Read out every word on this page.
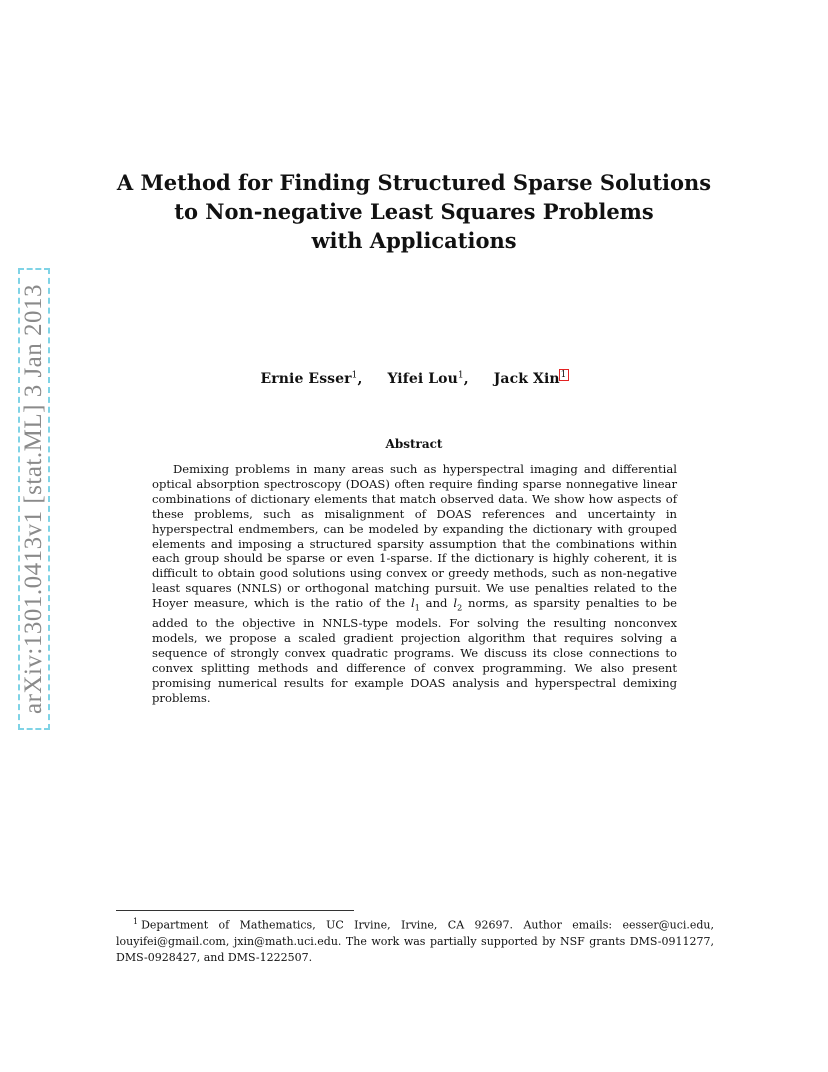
arXiv:1301.0413v1 [stat.ML] 3 Jan 2013
A Method for Finding Structured Sparse Solutions
to Non-negative Least Squares Problems
with Applications
Ernie Esser$^1$, Yifei Lou$^1$, Jack Xin$^1$
Abstract

Demixing problems in many areas such as hyperspectral imaging and differential optical absorption spectroscopy (DOAS) often require finding sparse nonnegative linear combinations of dictionary elements that match observed data. We show how aspects of these problems, such as misalignment of DOAS references and uncertainty in hyperspectral endmembers, can be modeled by expanding the dictionary with grouped elements and imposing a structured sparsity assumption that the combinations within each group should be sparse or even 1-sparse. If the dictionary is highly coherent, it is difficult to obtain good solutions using convex or greedy methods, such as non-negative least squares (NNLS) or orthogonal matching pursuit. We use penalties related to the Hoyer measure, which is the ratio of the $l_1$ and $l_2$ norms, as sparsity penalties to be added to the objective in NNLS-type models. For solving the resulting nonconvex models, we propose a scaled gradient projection algorithm that requires solving a sequence of strongly convex quadratic programs. We discuss its close connections to convex splitting methods and difference of convex programming. We also present promising numerical results for example DOAS analysis and hyperspectral demixing problems.

$^1$ Department of Mathematics, UC Irvine, Irvine, CA 92697. Author emails: eesser@uci.edu, louyifei@gmail.com, jxin@math.uci.edu. The work was partially supported by NSF grants DMS-0911277, DMS-0928427, and DMS-1222507.
